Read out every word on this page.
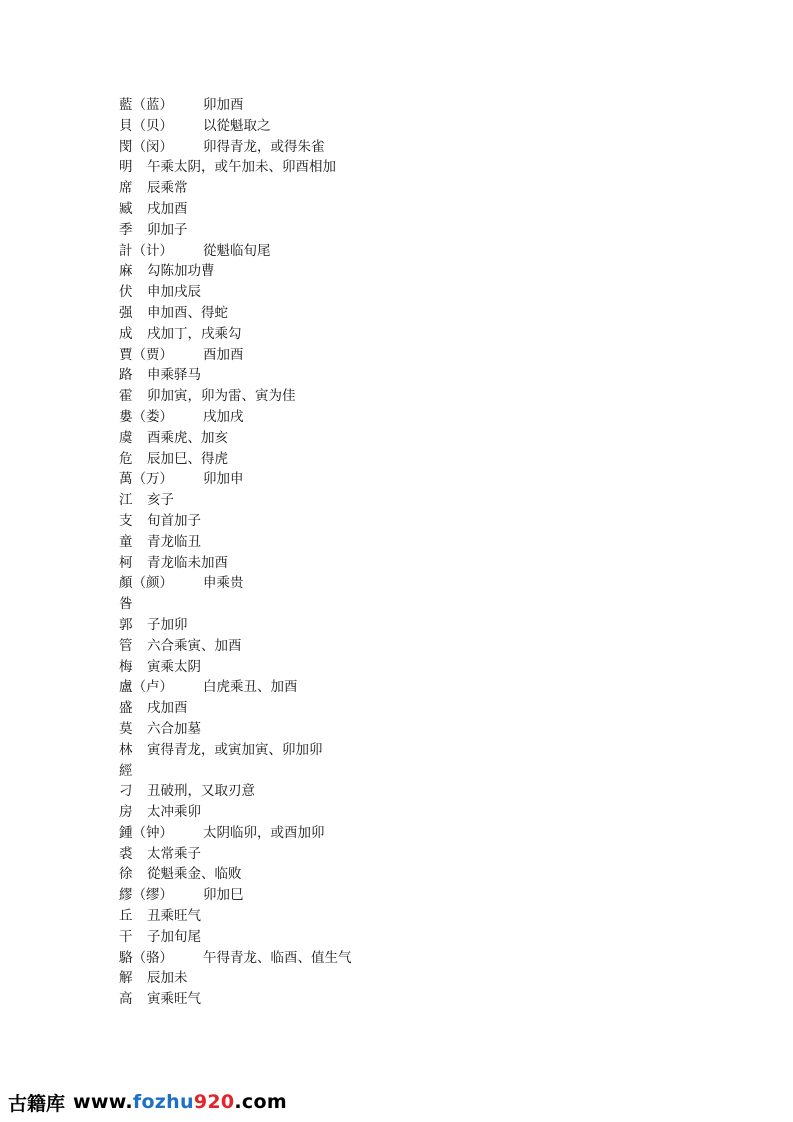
藍（蓝）	卯加酉
貝（贝）	以從魁取之
閔（闵）	卯得青龙，或得朱雀
明	午乘太阴，或午加未、卯酉相加
席	辰乘常
臧	戌加酉
季	卯加子
計（计）	從魁临旬尾
麻	勾陈加功曹
伏	申加戌辰
强	申加酉、得蛇
成	戌加丁，戌乘勾
賈（贾）	酉加酉
路	申乘驿马
霍	卯加寅，卯为雷、寅为佳
婁（娄）	戌加戌
虞	酉乘虎、加亥
危	辰加巳、得虎
萬（万）	卯加申
江	亥子
支	旬首加子
童	青龙临丑
柯	青龙临未加酉
顏（颜）	申乘贵
昝
郭	子加卯
管	六合乘寅、加酉
梅	寅乘太阴
盧（卢）	白虎乘丑、加酉
盛	戌加酉
莫	六合加墓
林	寅得青龙，或寅加寅、卯加卯
經
刁	丑破刑，又取刃意
房	太冲乘卯
鍾（钟）	太阴临卯，或酉加卯
裘	太常乘子
徐	從魁乘金、临败
繆（缪）	卯加巳
丘	丑乘旺气
干	子加旬尾
駱（骆）	午得青龙、临酉、值生气
解	辰加未
高	寅乘旺气
古籍库 www.fozhu920.com
